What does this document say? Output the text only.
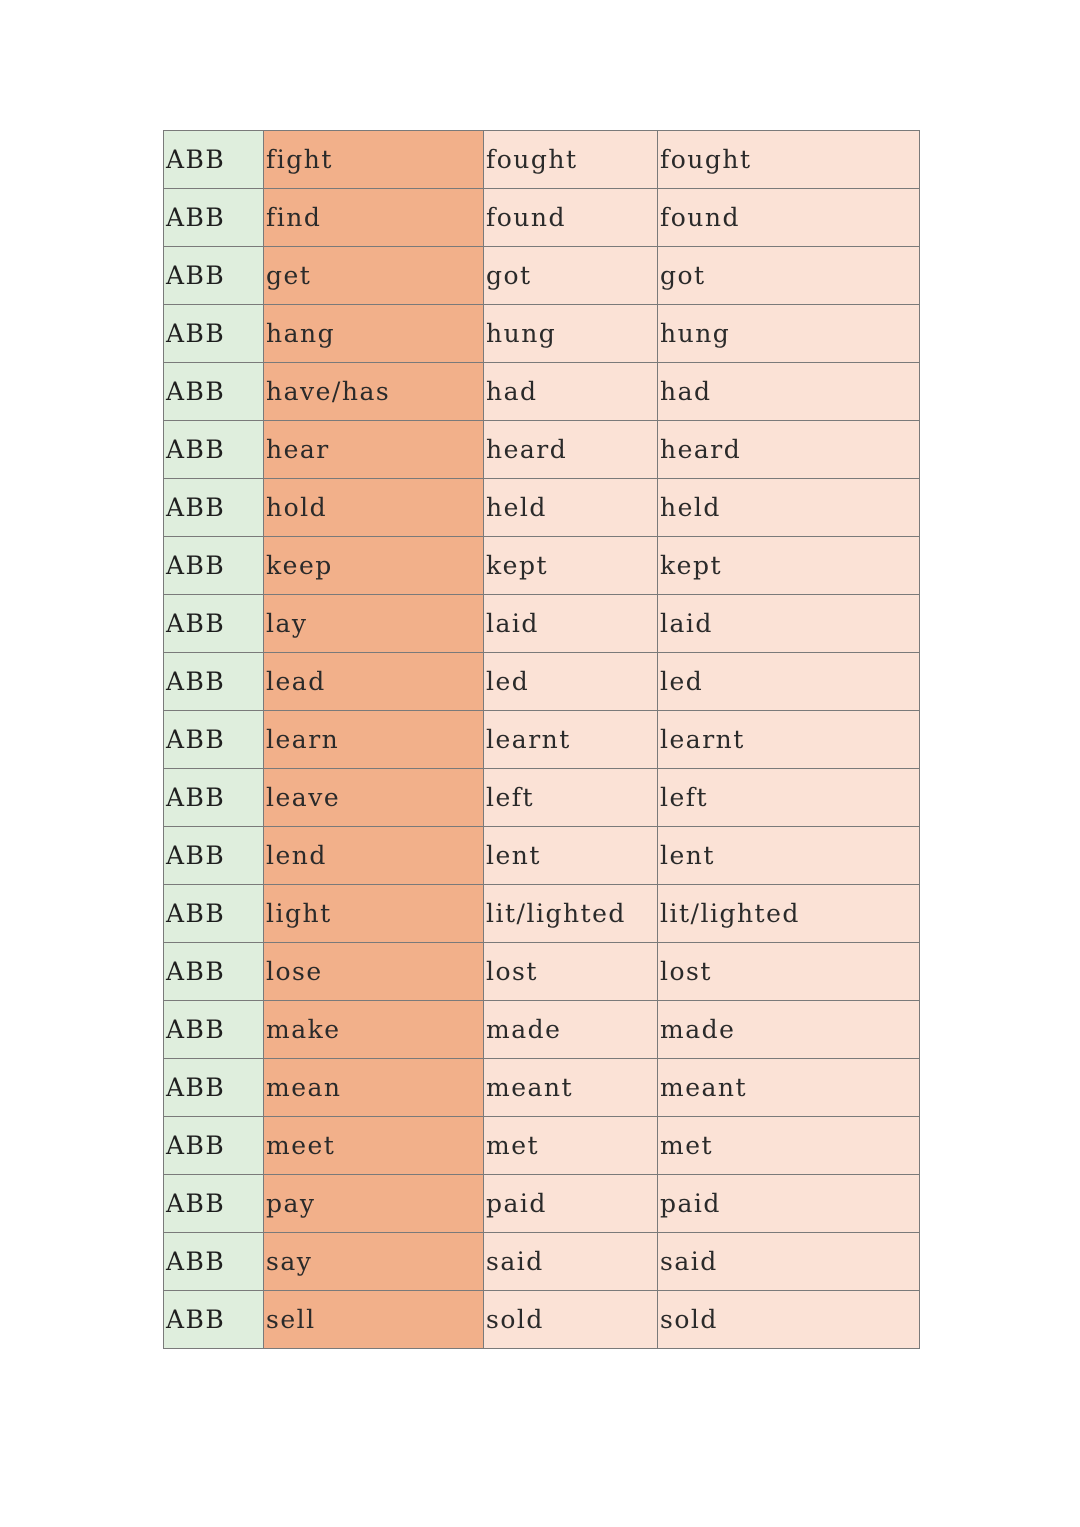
ABB	fight	fought	fought
ABB	find	found	found
ABB	get	got	got
ABB	hang	hung	hung
ABB	have/has	had	had
ABB	hear	heard	heard
ABB	hold	held	held
ABB	keep	kept	kept
ABB	lay	laid	laid
ABB	lead	led	led
ABB	learn	learnt	learnt
ABB	leave	left	left
ABB	lend	lent	lent
ABB	light	lit/lighted	lit/lighted
ABB	lose	lost	lost
ABB	make	made	made
ABB	mean	meant	meant
ABB	meet	met	met
ABB	pay	paid	paid
ABB	say	said	said
ABB	sell	sold	sold
